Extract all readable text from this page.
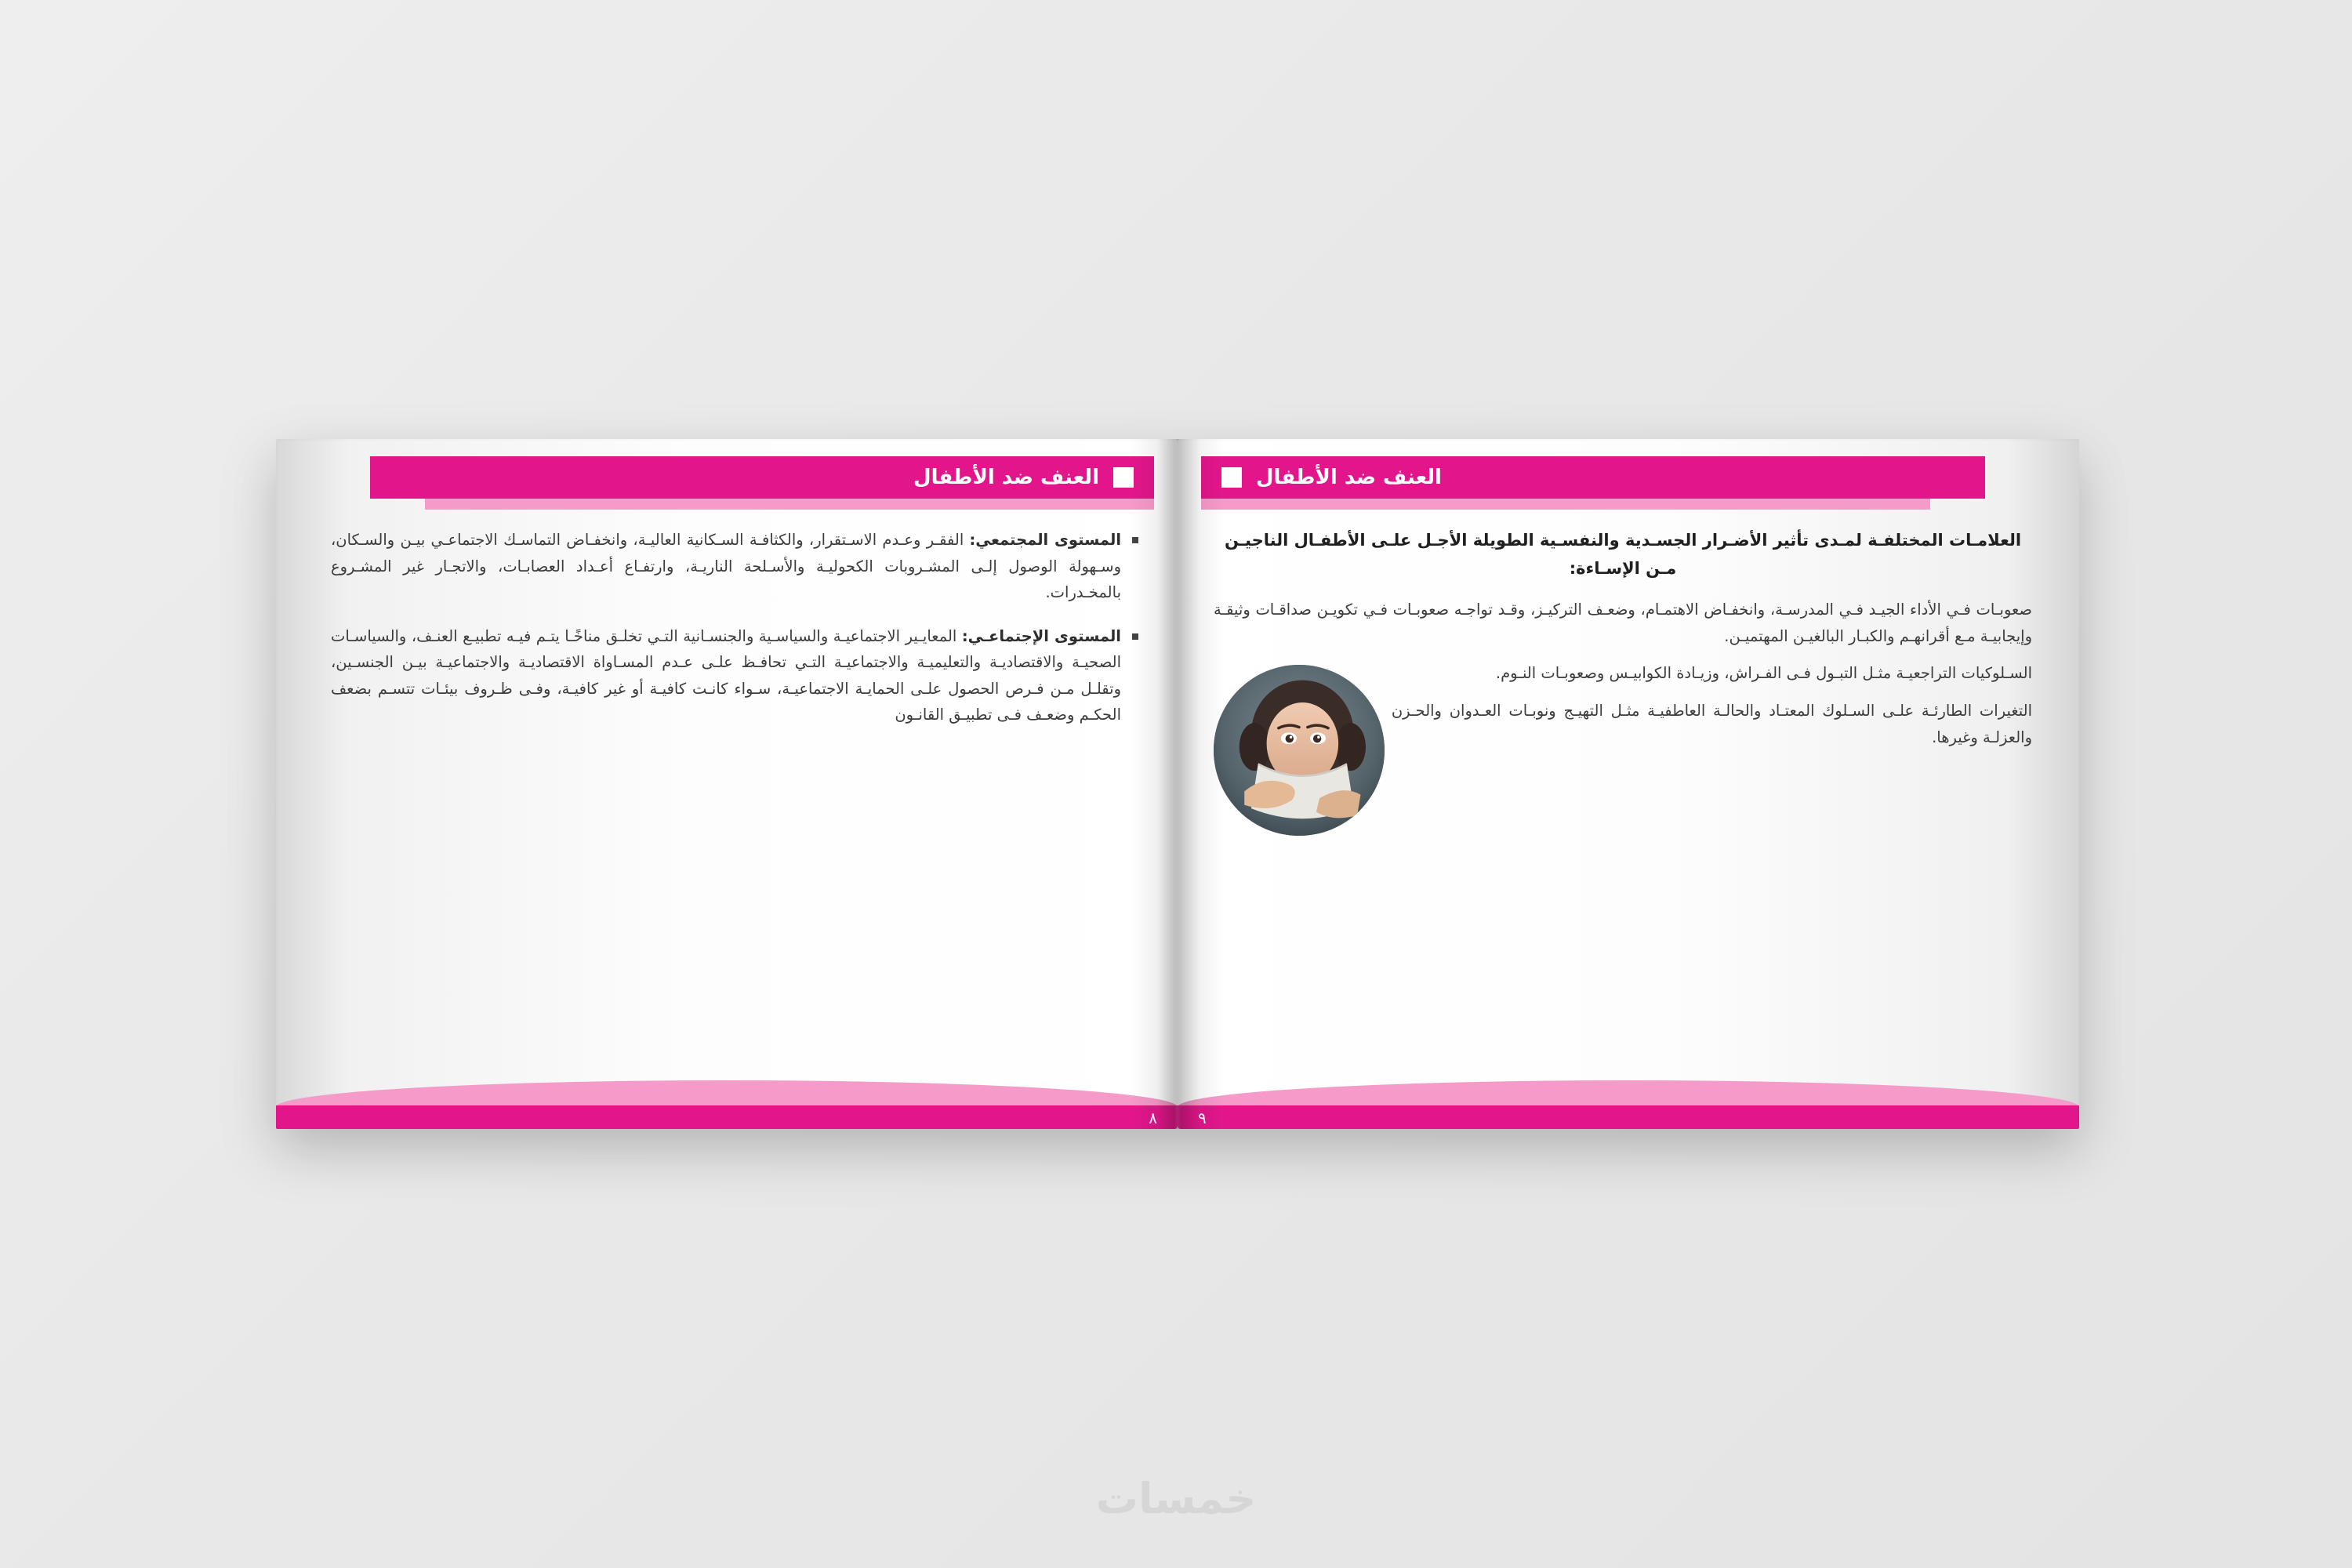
العنف ضد الأطفال
المستوى المجتمعي: الفقـر وعـدم الاسـتقرار، والكثافـة السـكانية العاليـة، وانخفـاض التماسـك الاجتماعـي بيـن والسـكان، وسـهولة الوصول إلـى المشـروبات الكحوليـة والأسـلحة الناريـة، وارتفـاع أعـداد العصابـات، والاتجـار غير المشـروع بالمخـدرات.
المستوى الإجتماعـي: المعايـير الاجتماعيـة والسياسـية والجنسـانية التـي تخلـق مناخًـا يتـم فيـه تطبيـع العنـف، والسياسـات الصحيـة والاقتصاديـة والتعليميـة والاجتماعيـة التـي تحافـظ علـى عـدم المسـاواة الاقتصاديـة والاجتماعيـة بيـن الجنسـين، وتقلـل مـن فـرص الحصول علـى الحمايـة الاجتماعيـة، سـواء كانـت كافيـة أو غير كافيـة، وفـى ظـروف بيئـات تتسـم بضعف الحكـم وضعـف فـى تطبيـق القانـون
٨
العنف ضد الأطفال
العلامـات المختلفـة لمـدى تأثير الأضـرار الجسـدية والنفسـية الطويلة الأجـل علـى الأطفـال الناجيـن مـن الإسـاءة:
صعوبـات فـي الأداء الجيـد فـي المدرسـة، وانخفـاض الاهتمـام، وضعـف التركيـز، وقـد تواجـه صعوبـات فـي تكويـن صداقـات وثيقـة وإيجابيـة مـع أقرانهـم والكبـار البالغيـن المهتميـن.
السـلوكيات التراجعيـة مثـل التبـول فـى الفـراش، وزيـادة الكوابيـس وصعوبـات النـوم.
التغيرات الطارئـة علـى السـلوك المعتـاد والحالـة العاطفيـة مثـل التهيـج ونوبـات العـدوان والحـزن والعزلـة وغيرها.
٩
خمسات
